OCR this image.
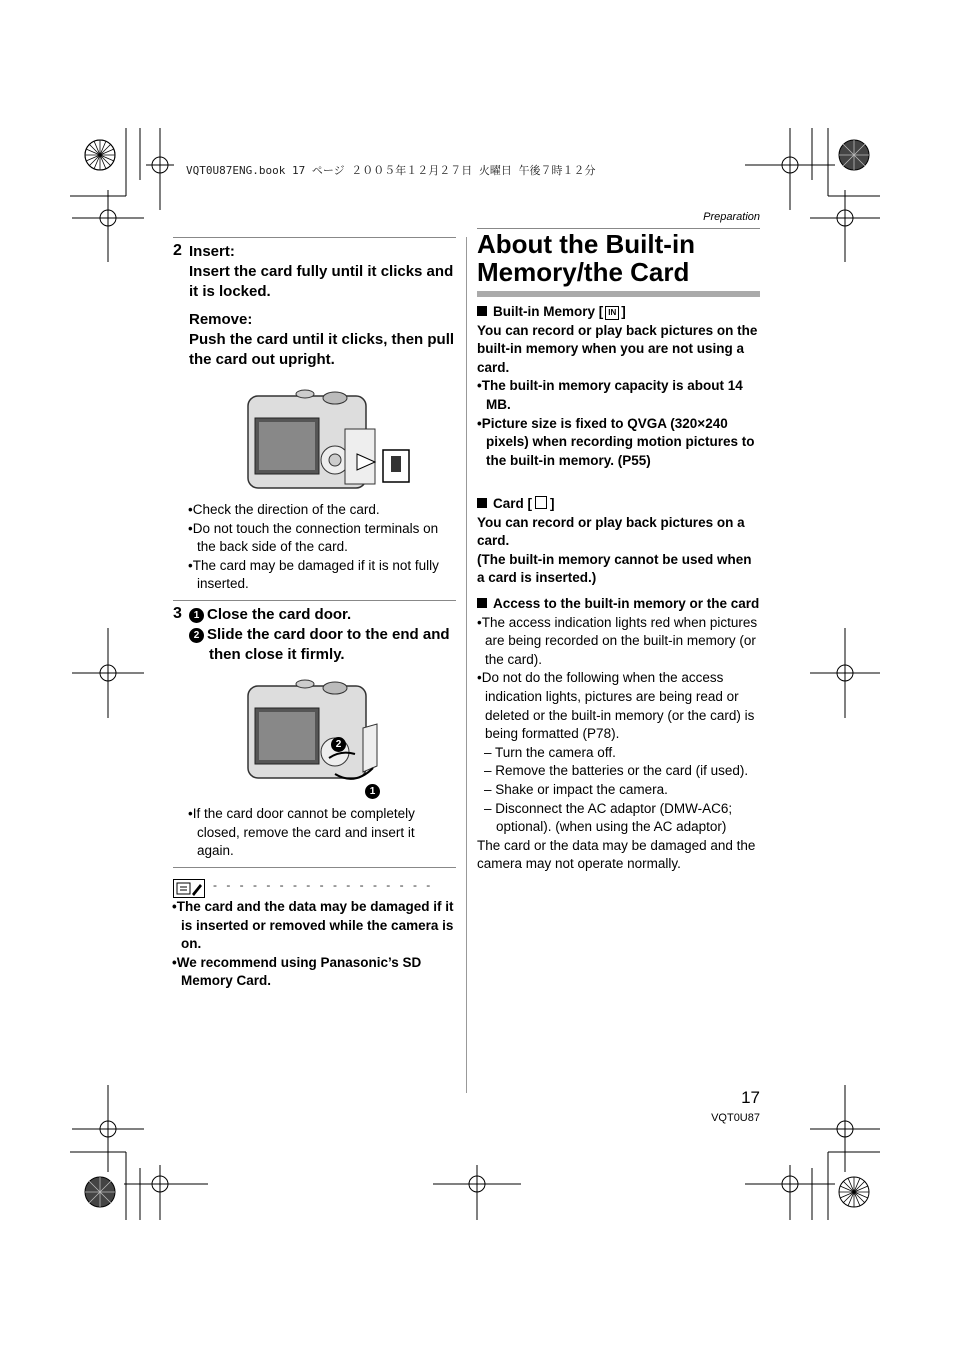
VQT0U87ENG.book 17 ページ ２００５年１２月２７日 火曜日 午後７時１２分
Preparation
2 Insert:
Insert the card fully until it clicks and it is locked.
Remove:
Push the card until it clicks, then pull the card out upright.
•Check the direction of the card.
•Do not touch the connection terminals on the back side of the card.
•The card may be damaged if it is not fully inserted.
3	1 Close the card door.
2 Slide the card door to the end and then close it firmly.
2
1
•If the card door cannot be completely closed, remove the card and insert it again.
- - - - - - - - - - - - - - - - -
•The card and the data may be damaged if it is inserted or removed while the camera is on.
•We recommend using Panasonic’s SD Memory Card.
About the Built-in Memory/the Card
Built-in Memory [ IN ]
You can record or play back pictures on the built-in memory when you are not using a card.
•The built-in memory capacity is about 14 MB.
•Picture size is fixed to QVGA (320×240 pixels) when recording motion pictures to the built-in memory. (P55)
Card [ ]
You can record or play back pictures on a card.
(The built-in memory cannot be used when a card is inserted.)
Access to the built-in memory or the card
•The access indication lights red when pictures are being recorded on the built-in memory (or the card).
•Do not do the following when the access indication lights, pictures are being read or deleted or the built-in memory (or the card) is being formatted (P78).
– Turn the camera off.
– Remove the batteries or the card (if used).
– Shake or impact the camera.
– Disconnect the AC adaptor (DMW-AC6; optional). (when using the AC adaptor)
The card or the data may be damaged and the camera may not operate normally.
17
VQT0U87
